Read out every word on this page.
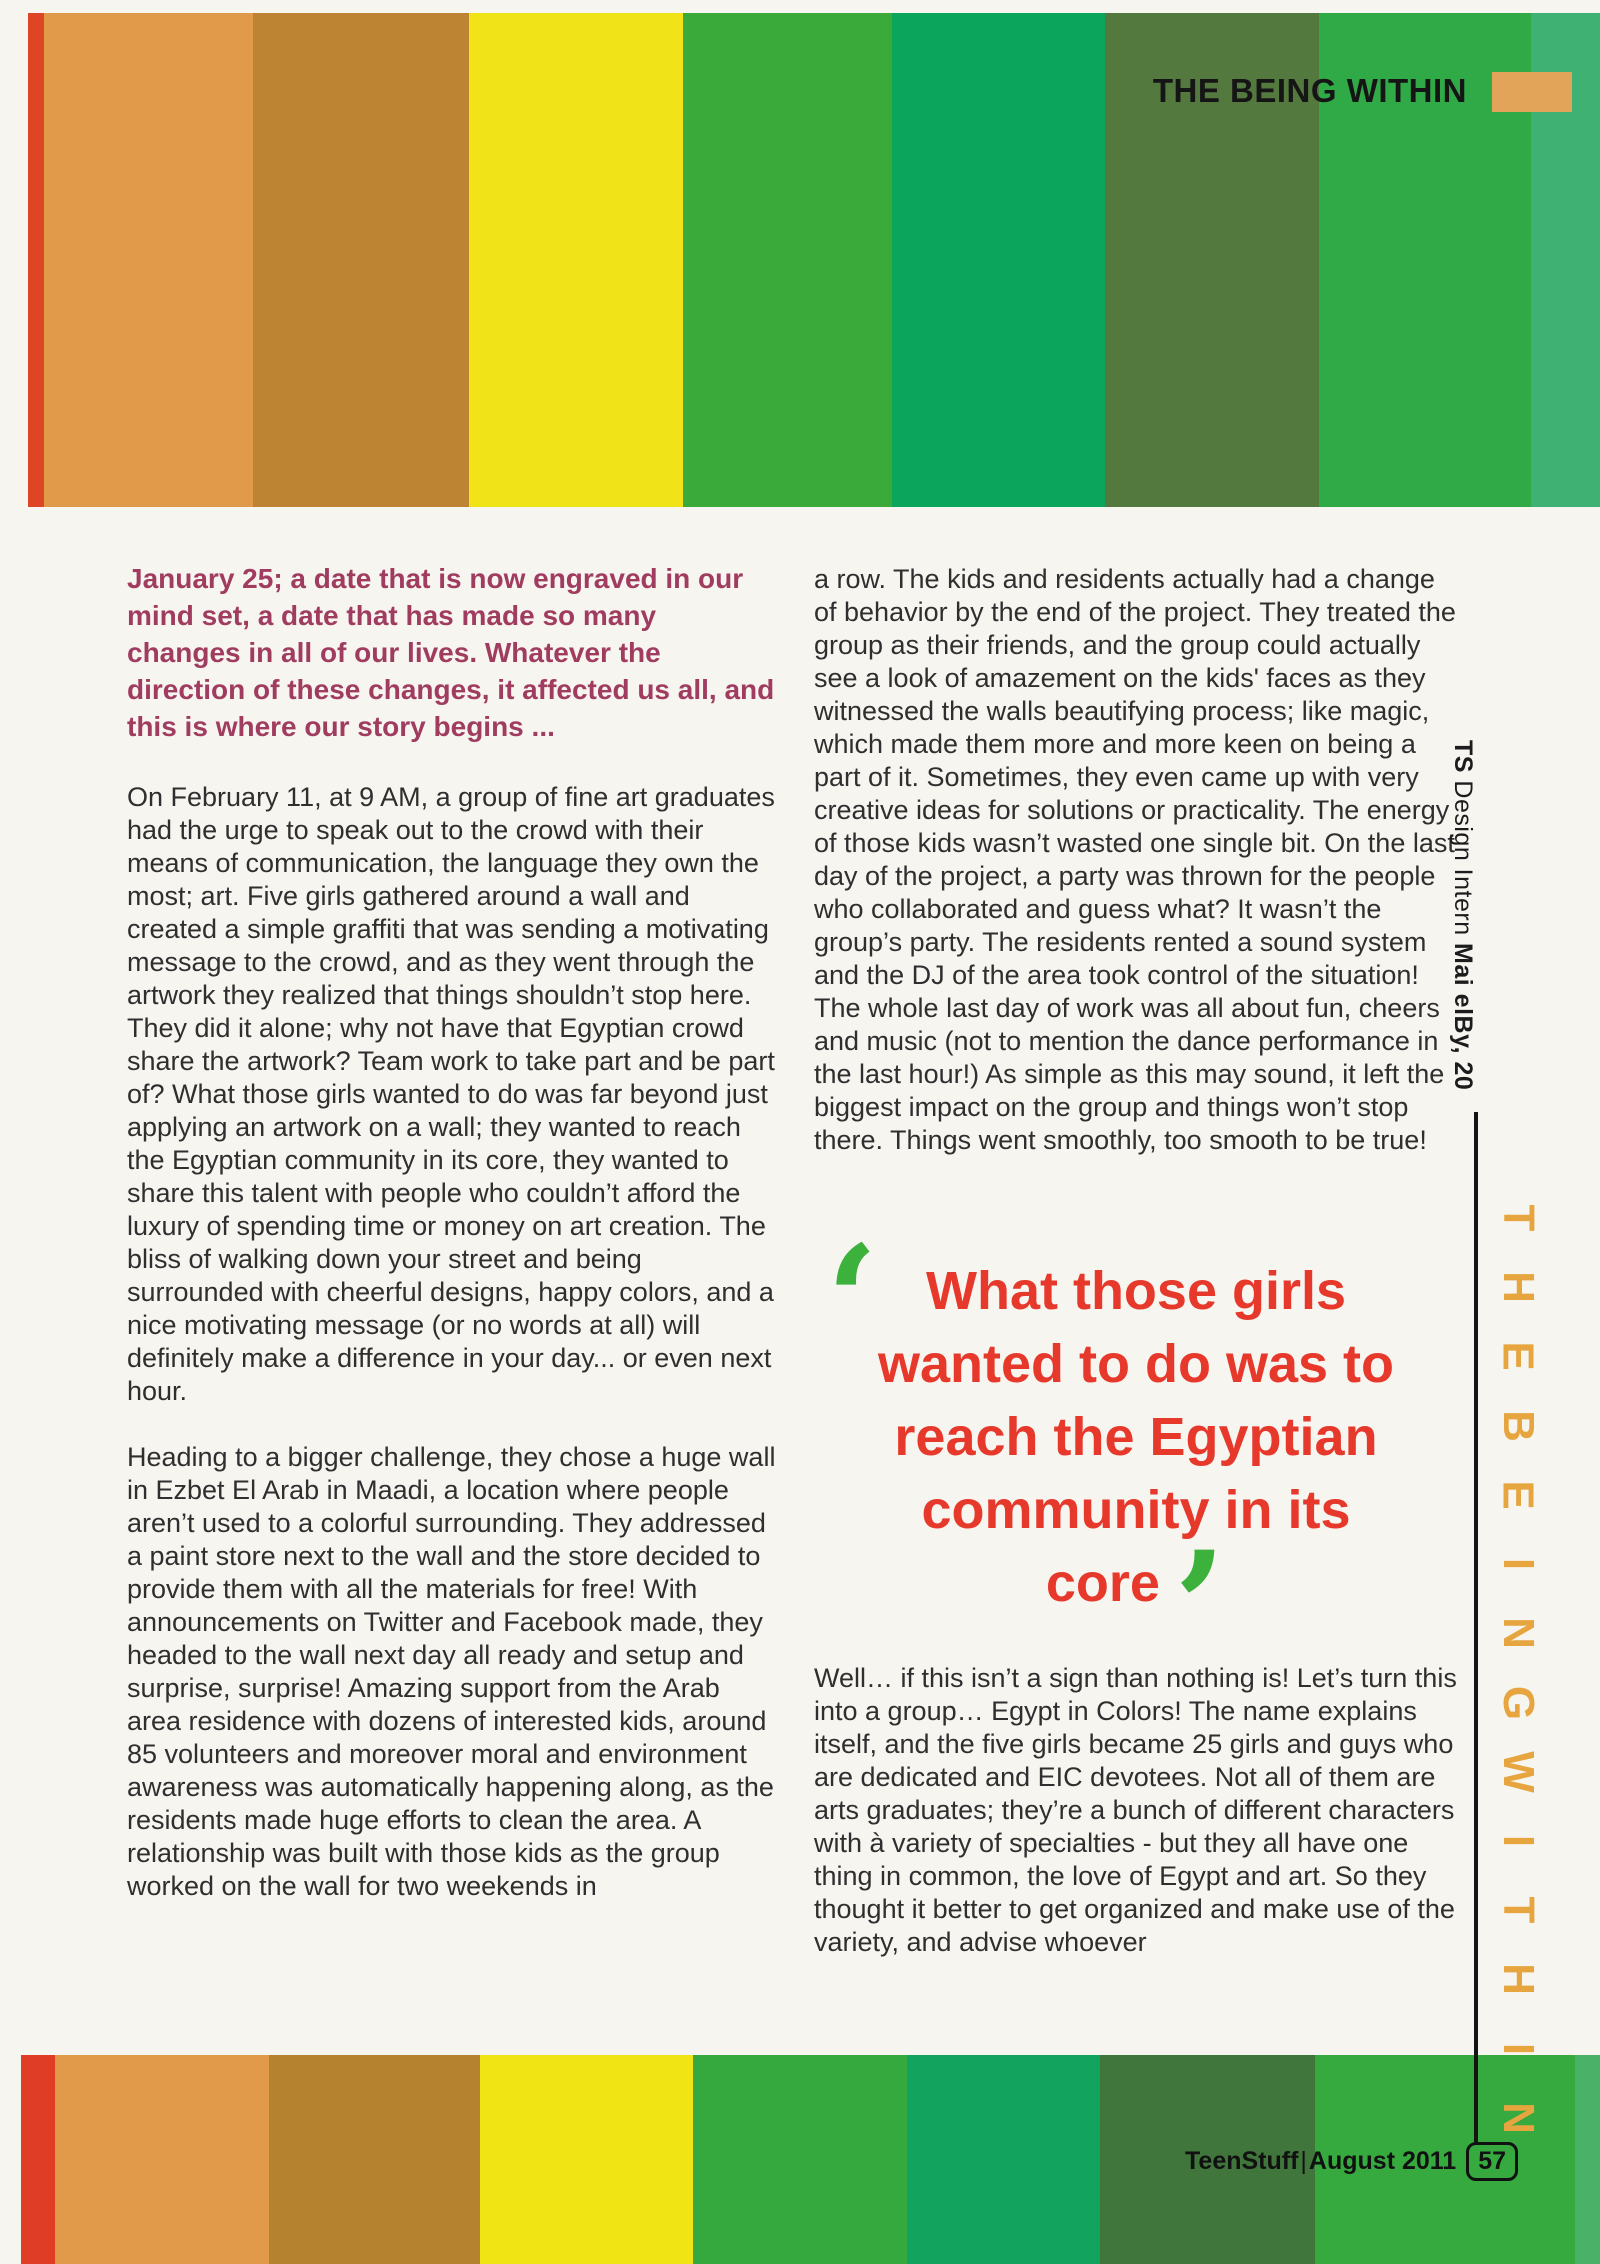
THE BEING WITHIN

January 25; a date that is now engraved in our mind set, a date that has made so many changes in all of our lives. Whatever the direction of these changes, it affected us all, and this is where our story begins ...

On February 11, at 9 AM, a group of fine art graduates had the urge to speak out to the crowd with their means of communication, the language they own the most; art. Five girls gathered around a wall and created a simple graffiti that was sending a motivating message to the crowd, and as they went through the artwork they realized that things shouldn’t stop here. They did it alone; why not have that Egyptian crowd share the artwork? Team work to take part and be part of? What those girls wanted to do was far beyond just applying an artwork on a wall; they wanted to reach the Egyptian community in its core, they wanted to share this talent with people who couldn’t afford the luxury of spending time or money on art creation. The bliss of walking down your street and being surrounded with cheerful designs, happy colors, and a nice motivating message (or no words at all) will definitely make a difference in your day... or even next hour.

Heading to a bigger challenge, they chose a huge wall in Ezbet El Arab in Maadi, a location where people aren’t used to a colorful surrounding. They addressed a paint store next to the wall and the store decided to provide them with all the materials for free! With announcements on Twitter and Facebook made, they headed to the wall next day all ready and setup and surprise, surprise! Amazing support from the Arab area residence with dozens of interested kids, around 85 volunteers and moreover moral and environment awareness was automatically happening along, as the residents made huge efforts to clean the area. A relationship was built with those kids as the group worked on the wall for two weekends in

a row. The kids and residents actually had a change of behavior by the end of the project. They treated the group as their friends, and the group could actually see a look of amazement on the kids' faces as they witnessed the walls beautifying process; like magic, which made them more and more keen on being a part of it. Sometimes, they even came up with very creative ideas for solutions or practicality. The energy of those kids wasn’t wasted one single bit. On the last day of the project, a party was thrown for the people who collaborated and guess what? It wasn’t the group’s party. The residents rented a sound system and the DJ of the area took control of the situation! The whole last day of work was all about fun, cheers and music (not to mention the dance performance in the last hour!) As simple as this may sound, it left the biggest impact on the group and things won’t stop there. Things went smoothly, too smooth to be true!

‘ What those girls
wanted to do was to
reach the Egyptian
community in its
core’

Well… if this isn’t a sign than nothing is! Let’s turn this into a group… Egypt in Colors! The name explains itself, and the five girls became 25 girls and guys who are dedicated and EIC devotees. Not all of them are arts graduates; they’re a bunch of different characters with à variety of specialties - but they all have one thing in common, the love of Egypt and art. So they thought it better to get organized and make use of the variety, and advise whoever

TS Design Intern Mai elBy, 20
T
H
E
B
E
I
N
G
W
I
T
H
I
N
TeenStuff|August 2011 57
